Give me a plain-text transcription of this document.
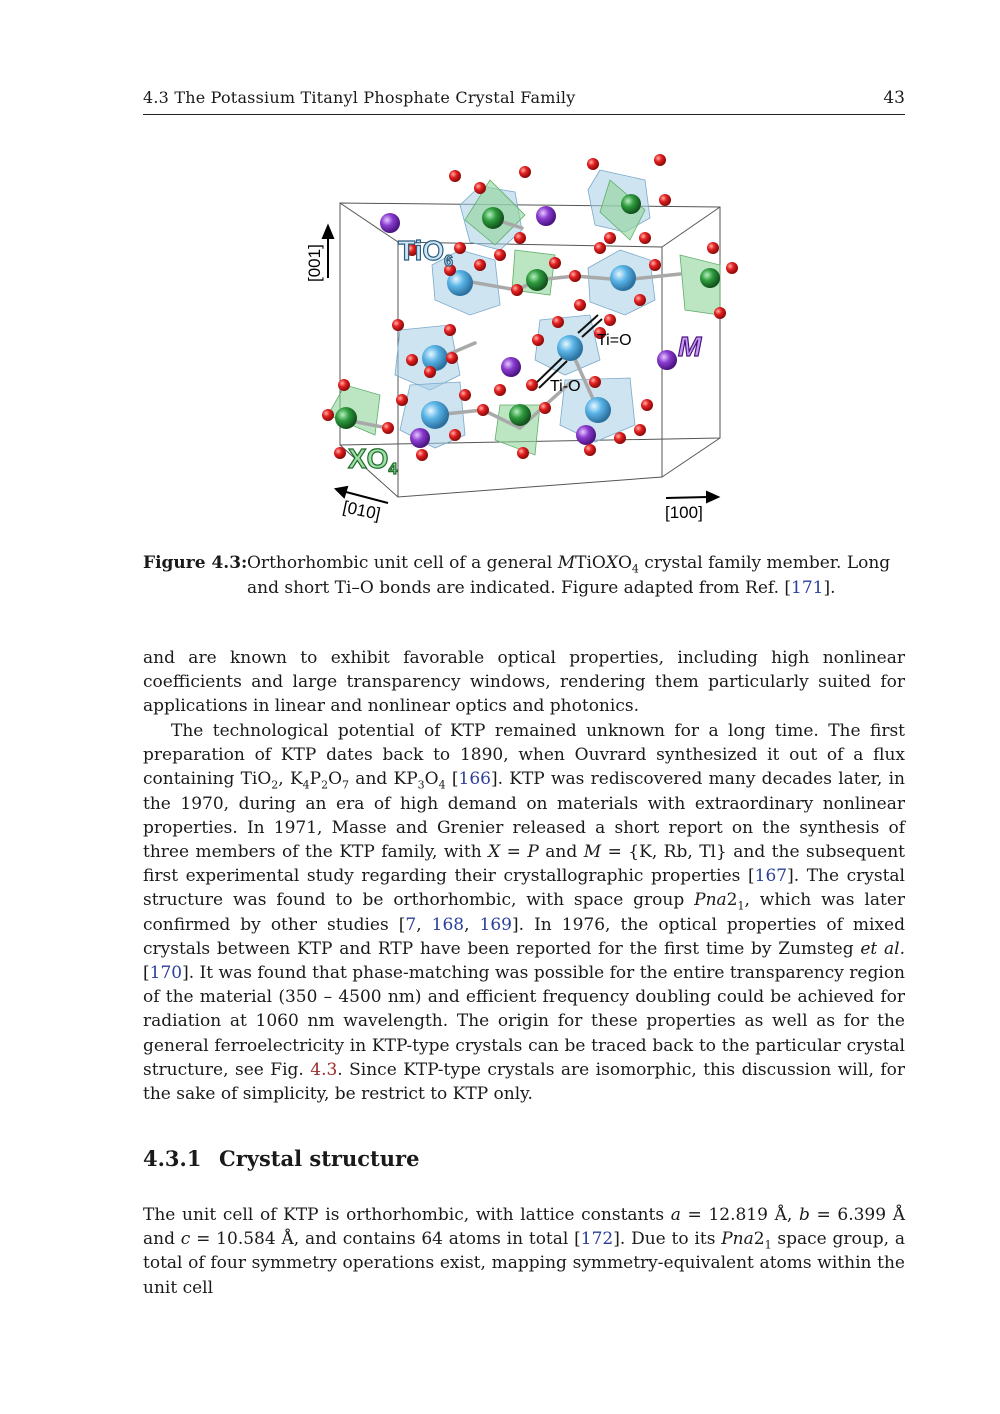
4.3 The Potassium Titanyl Phosphate Crystal Family	43
[001]
[010]	[100]
TiO$_6$
$XO_4$
M
Ti=O
Ti-O
Figure 4.3: Orthorhombic unit cell of a general MTiOXO$_4$ crystal family member. Long and short Ti–O bonds are indicated. Figure adapted from Ref. [171].
and are known to exhibit favorable optical properties, including high nonlinear coefficients and large transparency windows, rendering them particularly suited for applications in linear and nonlinear optics and photonics.
The technological potential of KTP remained unknown for a long time. The first preparation of KTP dates back to 1890, when Ouvrard synthesized it out of a flux containing TiO$_2$, $K_4P_2O_7$ and $KP_3O_4$ [166]. KTP was rediscovered many decades later, in the 1970, during an era of high demand on materials with extraordinary nonlinear properties. In 1971, Masse and Grenier released a short report on the synthesis of three members of the KTP family, with X = P and M = {K, Rb, Tl} and the subsequent first experimental study regarding their crystallographic properties [167]. The crystal structure was found to be orthorhombic, with space group $Pna2_1$, which was later confirmed by other studies [7, 168, 169]. In 1976, the optical properties of mixed crystals between KTP and RTP have been reported for the first time by Zumsteg et al. [170]. It was found that phase-matching was possible for the entire transparency region of the material (350 – 4500 nm) and efficient frequency doubling could be achieved for radiation at 1060 nm wavelength. The origin for these properties as well as for the general ferroelectricity in KTP-type crystals can be traced back to the particular crystal structure, see Fig. 4.3. Since KTP-type crystals are isomorphic, this discussion will, for the sake of simplicity, be restrict to KTP only.
4.3.1 Crystal structure
The unit cell of KTP is orthorhombic, with lattice constants a = 12.819 Å, b = 6.399 Å and c = 10.584 Å, and contains 64 atoms in total [172]. Due to its $Pna2_1$ space group, a total of four symmetry operations exist, mapping symmetry-equivalent atoms within the unit cell
